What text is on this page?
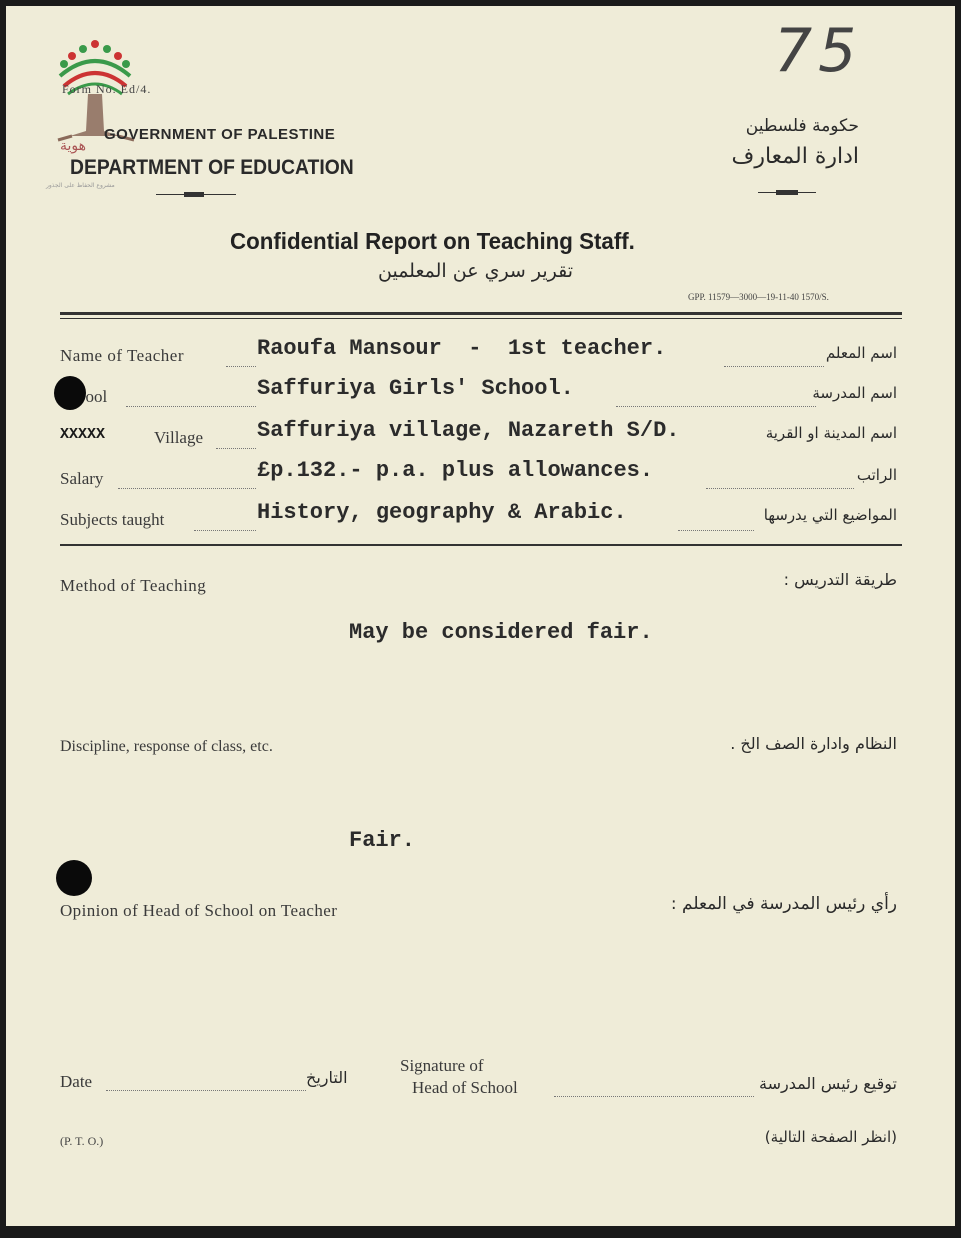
75
هوية
مشروع الحفاظ على الجذور
Form No. Ed/4.
GOVERNMENT OF PALESTINE
DEPARTMENT OF EDUCATION
حكومة فلسطين
ادارة المعارف
Confidential Report on Teaching Staff.
تقرير سري عن المعلمين
GPP. 11579—3000—19-11-40 1570/S.
Name of Teacher	Raoufa Mansour  -  1st teacher.	اسم المعلم
ool	Saffuriya Girls' School.	اسم المدرسة
XXXXX	Village Saffuriya village, Nazareth S/D.	اسم المدينة او القرية
Salary	£p.132.- p.a. plus allowances.	الراتب
Subjects taught	History, geography & Arabic.	المواضيع التي يدرسها
Method of Teaching	طريقة التدريس :
May be considered fair.
Discipline, response of class, etc.	النظام وادارة الصف الخ .
Fair.
Opinion of Head of School on Teacher	رأي رئيس المدرسة في المعلم :
Date	التاريخ
Signature of
Head of School	توقيع رئيس المدرسة
(P. T. O.)	(انظر الصفحة التالية)
